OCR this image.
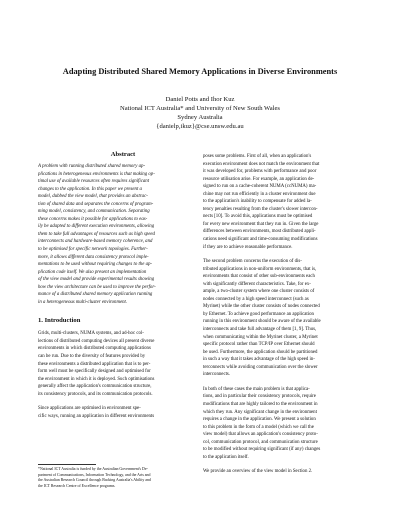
Adapting Distributed Shared Memory Applications in Diverse Environments
Daniel Potts and Ihor Kuz
National ICT Australia* and University of New South Wales
Sydney Australia
{danielp,ikuz}@cse.unsw.edu.au
Abstract

A problem with running distributed shared memory ap-
plications in heterogeneous environments is that making op-
timal use of available resources often requires significant
changes to the application. In this paper we present a
model, dubbed the view model, that provides an abstrac-
tion of shared data and separates the concerns of program-
ming model, consistency, and communication. Separating
these concerns makes it possible for applications to eas-
ily be adapted to different execution environments, allowing
them to take full advantages of resources such as high speed
interconnects and hardware-based memory coherence, and
to be optimised for specific network topologies. Further-
more, it allows different data consistency protocol imple-
mentations to be used without requiring changes to the ap-
plication code itself. We also present an implementation
of the view model and provide experimental results showing
how the view architecture can be used to improve the perfor-
mance of a distributed shared memory application running
in a heterogeneous multi-cluster environment.

1. Introduction

Grids, multi-clusters, NUMA systems, and ad-hoc col-
lections of distributed computing devices all present diverse
environments in which distributed computing applications
can be run. Due to the diversity of features provided by
these environments a distributed application that is to per-
form well must be specifically designed and optimised for
the environment in which it is deployed. Such optimisations
generally affect the application's communication structure,
its consistency protocols, and its communication protocols.

Since applications are optimised in environment spe-
cific ways, running an application in different environments

*National ICT Australia is funded by the Australian Government's De-
partment of Communications, Information Technology, and the Arts and
the Australian Research Council through Backing Australia's Ability and
the ICT Research Centre of Excellence programs.

poses some problems. First of all, when an application's
execution environment does not match the environment that
it was developed for, problems with performance and poor
resource utilisation arise. For example, an application de-
signed to run on a cache-coherent NUMA (ccNUMA) ma-
chine may not run efficiently in a cluster environment due
to the application's inability to compensate for added la-
tency penalties resulting from the cluster's slower intercon-
nects [10]. To avoid this, applications must be optimised
for every new environment that they run in. Given the large
differences between environments, most distributed appli-
cations need significant and time-consuming modifications
if they are to achieve reasonable performance.

The second problem concerns the execution of dis-
tributed applications in non-uniform environments, that is,
environments that consist of other sub-environments each
with significantly different characteristics. Take, for ex-
ample, a two-cluster system where one cluster consists of
nodes connected by a high speed interconnect (such as
Myrinet) while the other cluster consists of nodes connected
by Ethernet. To achieve good performance an application
running in this environment should be aware of the available
interconnects and take full advantage of them [1, 9]. Thus,
when communicating within the Myrinet cluster, a Myrinet
specific protocol rather than TCP/IP over Ethernet should
be used. Furthermore, the application should be partitioned
in such a way that it takes advantage of the high speed in-
terconnects while avoiding communication over the slower
interconnects.

In both of these cases the main problem is that applica-
tions, and in particular their consistency protocols, require
modifications that are highly tailored to the environment in
which they run. Any significant change in the environment
requires a change in the application. We present a solution
to this problem in the form of a model (which we call the
view model) that allows an application's consistency proto-
col, communication protocol, and communication structure
to be modified without requiring significant (if any) changes
to the application itself.

We provide an overview of the view model in Section 2.
